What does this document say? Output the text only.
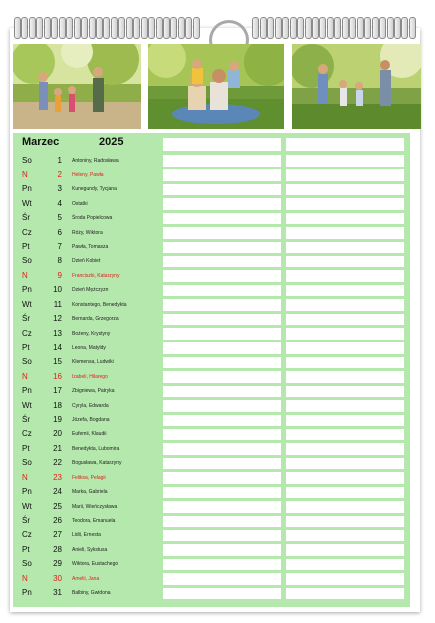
Marzec	2025
So	1 Antoniny, Radosława
N	2 Heleny, Pawła
Pn	3 Kunegundy, Tycjana
Wt	4 Ostatki
Śr	5 Środa Popielcowa
Cz	6 Róży, Wiktora
Pt	7 Pawła, Tomasza
So	8 Dzień Kobiet
N	9 Franciszki, Katarzyny
Pn	10 Dzień Mężczyzn
Wt	11 Konstantego, Benedykta
Śr	12 Bernarda, Grzegorza
Cz	13 Bożeny, Krystyny
Pt	14 Leona, Matyldy
So	15 Klemensa, Ludwiki
N	16 Izabeli, Hilarego
Pn	17 Zbigniewa, Patryka
Wt	18 Cyryla, Edwarda
Śr	19 Józefa, Bogdana
Cz	20 Eufemii, Klaudii
Pt	21 Benedykta, Lubomira
So	22 Bogusława, Katarzyny
N	23 Feliksa, Pelagii
Pn	24 Marka, Gabriela
Wt	25 Marii, Wieńczysława
Śr	26 Teodora, Emanuela
Cz	27 Lidii, Ernesta
Pt	28 Anieli, Sykstusa
So	29 Wiktora, Eustachego
N	30 Amelii, Jana
Pn	31 Balbiny, Gwidona
